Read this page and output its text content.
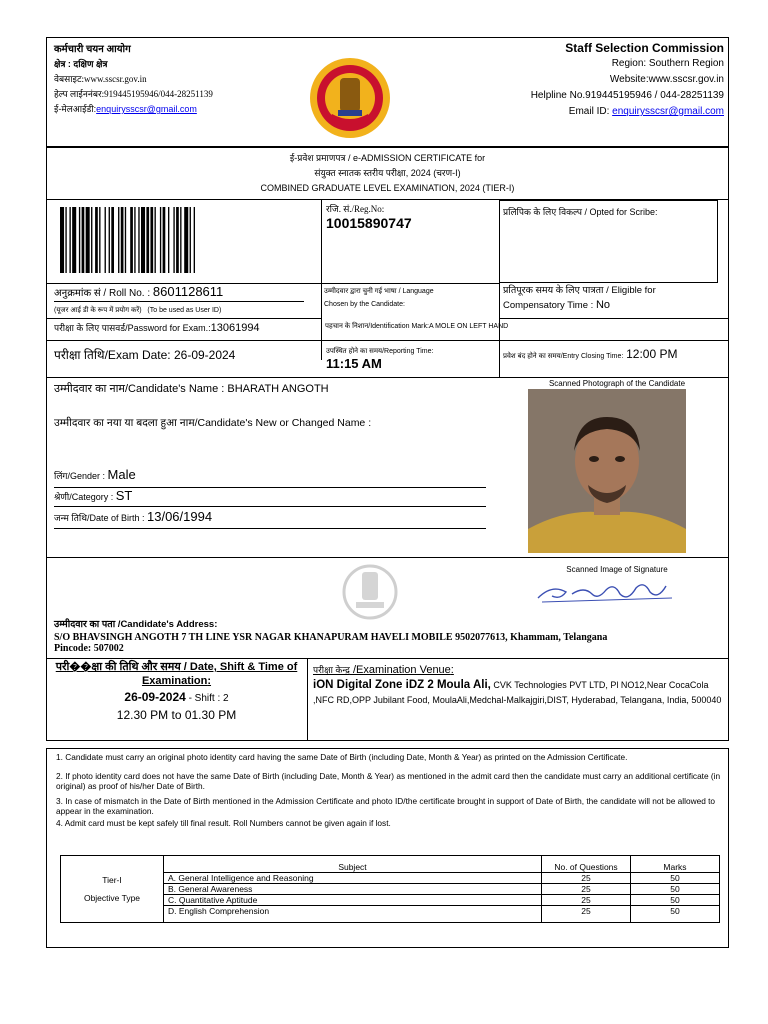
कर्मचारी चयन आयोग
क्षेत्र : दक्षिण क्षेत्र
वेबसाइट:www.sscsr.gov.in
हेल्प लाईननंबर:919445195946/044-28251139
ई-मेलआईडी:enquirysscsr@gmail.com
Staff Selection Commission
Region: Southern Region
Website:www.sscsr.gov.in
Helpline No.919445195946 / 044-28251139
Email ID: enquirysscsr@gmail.com
ई-प्रवेश प्रमाणपत्र / e-ADMISSION CERTIFICATE for
संयुक्त स्नातक स्तरीय परीक्षा, 2024 (चरण-I)
COMBINED GRADUATE LEVEL EXAMINATION, 2024 (TIER-I)
रजि. सं./Reg.No:
10015890747
प्रलिपिक के लिए विकल्प / Opted for Scribe:
अनुक्रमांक सं / Roll No. : 8601128611
(यूजर आई डी के रूप में प्रयोग करें) (To be used as User ID)
उम्मीदवार द्वारा चुनी गई भाषा / Language
Chosen by the Candidate:
प्रतिपूरक समय के लिए पात्रता / Eligible for Compensatory Time : No
परीक्षा के लिए पासवर्ड/Password for Exam.:13061994	पहचान के निशान/Identification Mark:A MOLE ON LEFT HAND
परीक्षा तिथि/Exam Date: 26-09-2024	उपस्थित होने का समय/Reporting Time:
11:15 AM	प्रवेश बंद होने का समय/Entry Closing Time: 12:00 PM
उम्मीदवार का नाम/Candidate's Name : BHARATH ANGOTH	Scanned Photograph of the Candidate
उम्मीदवार का नया या बदला हुआ नाम/Candidate's New or Changed Name :
लिंग/Gender : Male
श्रेणी/Category : ST
जन्म तिथि/Date of Birth : 13/06/1994
Scanned Image of Signature
उम्मीदवार का पता /Candidate's Address:
S/O BHAVSINGH ANGOTH 7 TH LINE YSR NAGAR KHANAPURAM HAVELI MOBILE 9502077613, Khammam, Telangana
Pincode: 507002
परी��क्षा की तिथि और समय / Date, Shift & Time of Examination:
26-09-2024 - Shift : 2
12.30 PM to 01.30 PM
परीक्षा केन्द्र /Examination Venue:
iON Digital Zone iDZ 2 Moula Ali, CVK Technologies PVT LTD, Pl NO12,Near CocaCola ,NFC RD,OPP Jubilant Food, MoulaAli,Medchal-Malkajgiri,DIST, Hyderabad, Telangana, India, 500040
1. Candidate must carry an original photo identity card having the same Date of Birth (including Date, Month & Year) as printed on the Admission Certificate.
2. If photo identity card does not have the same Date of Birth (including Date, Month & Year) as mentioned in the admit card then the candidate must carry an additional certificate (in original) as proof of his/her Date of Birth.
3. In case of mismatch in the Date of Birth mentioned in the Admission Certificate and photo ID/the certificate brought in support of Date of Birth, the candidate will not be allowed to appear in the examination.
4. Admit card must be kept safely till final result. Roll Numbers cannot be given again if lost.
Tier-I
Objective Type	Subject	No. of Questions	Marks
	A. General Intelligence and Reasoning	25	50
	B. General Awareness	25	50
	C. Quantitative Aptitude	25	50
	D. English Comprehension	25	50
